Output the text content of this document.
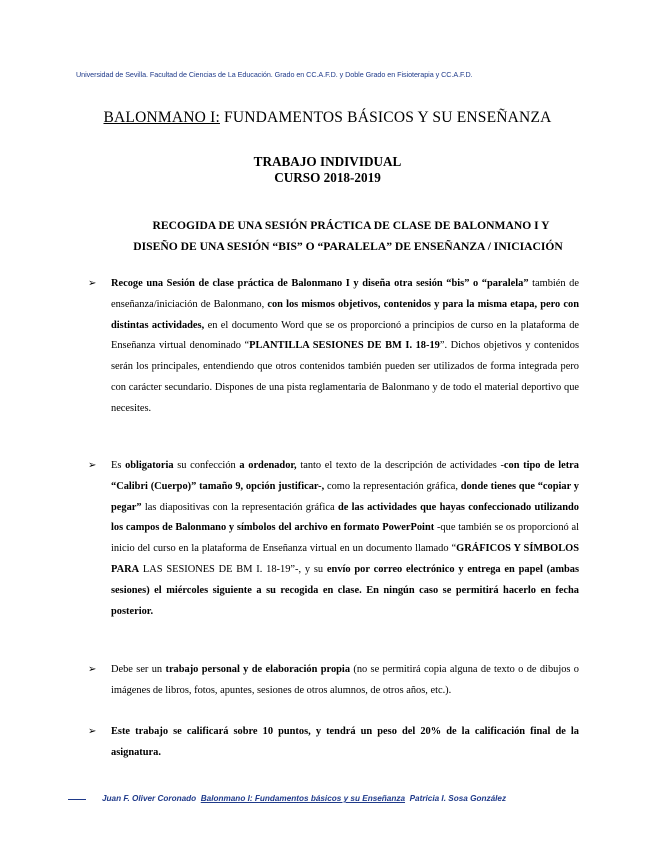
Universidad de Sevilla. Facultad de Ciencias de La Educación. Grado en CC.A.F.D. y Doble Grado en Fisioterapia y CC.A.F.D.
BALONMANO I: FUNDAMENTOS BÁSICOS Y SU ENSEÑANZA
TRABAJO INDIVIDUAL
CURSO 2018-2019
RECOGIDA DE UNA SESIÓN PRÁCTICA DE CLASE DE BALONMANO I Y
DISEÑO DE UNA SESIÓN “BIS” O “PARALELA” DE ENSEÑANZA / INICIACIÓN
➢ Recoge una Sesión de clase práctica de Balonmano I y diseña otra sesión “bis” o “paralela” también de enseñanza/iniciación de Balonmano, con los mismos objetivos, contenidos y para la misma etapa, pero con distintas actividades, en el documento Word que se os proporcionó a principios de curso en la plataforma de Enseñanza virtual denominado “PLANTILLA SESIONES DE BM I. 18-19”. Dichos objetivos y contenidos serán los principales, entendiendo que otros contenidos también pueden ser utilizados de forma integrada pero con carácter secundario. Dispones de una pista reglamentaria de Balonmano y de todo el material deportivo que necesites.
➢ Es obligatoria su confección a ordenador, tanto el texto de la descripción de actividades -con tipo de letra “Calibri (Cuerpo)” tamaño 9, opción justificar-, como la representación gráfica, donde tienes que “copiar y pegar” las diapositivas con la representación gráfica de las actividades que hayas confeccionado utilizando los campos de Balonmano y símbolos del archivo en formato PowerPoint -que también se os proporcionó al inicio del curso en la plataforma de Enseñanza virtual en un documento llamado “GRÁFICOS Y SÍMBOLOS PARA LAS SESIONES DE BM I. 18-19”-, y su envío por correo electrónico y entrega en papel (ambas sesiones) el miércoles siguiente a su recogida en clase. En ningún caso se permitirá hacerlo en fecha posterior.
➢ Debe ser un trabajo personal y de elaboración propia (no se permitirá copia alguna de texto o de dibujos o imágenes de libros, fotos, apuntes, sesiones de otros alumnos, de otros años, etc.).
➢ Este trabajo se calificará sobre 10 puntos, y tendrá un peso del 20% de la calificación final de la asignatura.
Juan F. Oliver Coronado Balonmano I: Fundamentos básicos y su Enseñanza Patricia I. Sosa González
